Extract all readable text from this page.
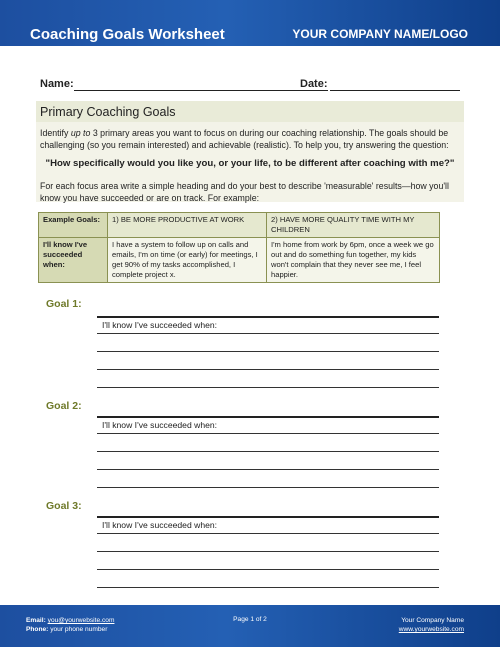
Coaching Goals Worksheet	YOUR COMPANY NAME/LOGO
Name:	Date:
Primary Coaching Goals
Identify up to 3 primary areas you want to focus on during our coaching relationship. The goals should be challenging (so you remain interested) and achievable (realistic). To help you, try answering the question:
"How specifically would you like you, or your life, to be different after coaching with me?"
For each focus area write a simple heading and do your best to describe 'measurable' results—how you'll know you have succeeded or are on track. For example:
Example Goals:	1) BE MORE PRODUCTIVE AT WORK	2) HAVE MORE QUALITY TIME WITH MY CHILDREN
I'll know I've succeeded when:	I have a system to follow up on calls and emails, I'm on time (or early) for meetings, I get 90% of my tasks accomplished, I complete project x.	I'm home from work by 6pm, once a week we go out and do something fun together, my kids won't complain that they never see me, I feel happier.
Goal 1:
I'll know I've succeeded when:
Goal 2:
I'll know I've succeeded when:
Goal 3:
I'll know I've succeeded when:
Email: you@yourwebsite.com
Phone: your phone number
Page 1 of 2	Your Company Name
www.yourwebsite.com
